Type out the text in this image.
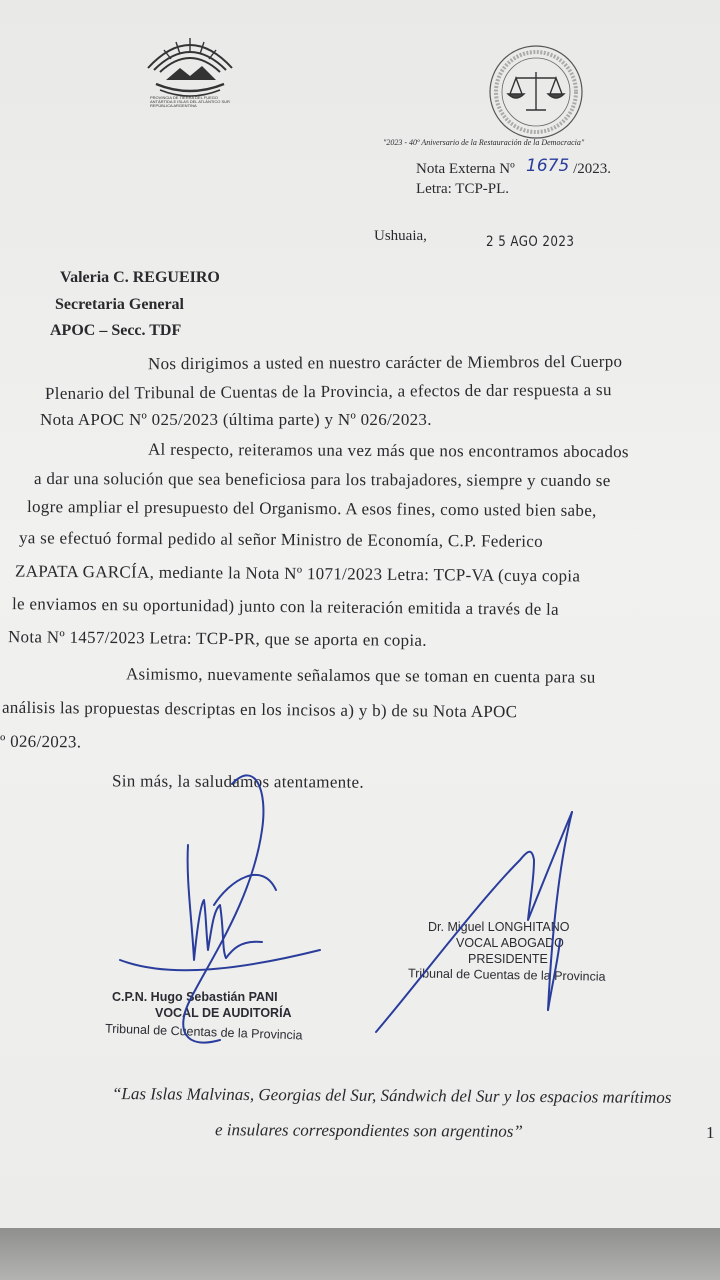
PROVINCIA DE TIERRA DEL FUEGO
ANTÁRTIDA E ISLAS DEL ATLÁNTICO SUR
REPÚBLICA ARGENTINA
"2023 - 40º Aniversario de la Restauración de la Democracia"
Nota Externa Nº 1675 /2023.
Letra: TCP-PL.
Ushuaia,	2 5 AGO 2023
Valeria C. REGUEIRO
Secretaria General
APOC – Secc. TDF
Nos dirigimos a usted en nuestro carácter de Miembros del Cuerpo
Plenario del Tribunal de Cuentas de la Provincia, a efectos de dar respuesta a su
Nota APOC Nº 025/2023 (última parte) y Nº 026/2023.
Al respecto, reiteramos una vez más que nos encontramos abocados
a dar una solución que sea beneficiosa para los trabajadores, siempre y cuando se
logre ampliar el presupuesto del Organismo. A esos fines, como usted bien sabe,
ya se efectuó formal pedido al señor Ministro de Economía, C.P. Federico
ZAPATA GARCÍA, mediante la Nota Nº 1071/2023 Letra: TCP-VA (cuya copia
le enviamos en su oportunidad) junto con la reiteración emitida a través de la
Nota Nº 1457/2023 Letra: TCP-PR, que se aporta en copia.
Asimismo, nuevamente señalamos que se toman en cuenta para su
análisis las propuestas descriptas en los incisos a) y b) de su Nota APOC
º 026/2023.
Sin más, la saludamos atentamente.
C.P.N. Hugo Sebastián PANI
VOCAL DE AUDITORÍA
Tribunal de Cuentas de la Provincia
Dr. Miguel LONGHITANO
VOCAL ABOGADO
PRESIDENTE
Tribunal de Cuentas de la Provincia
“Las Islas Malvinas, Georgias del Sur, Sándwich del Sur y los espacios marítimos
e insulares correspondientes son argentinos”	1
